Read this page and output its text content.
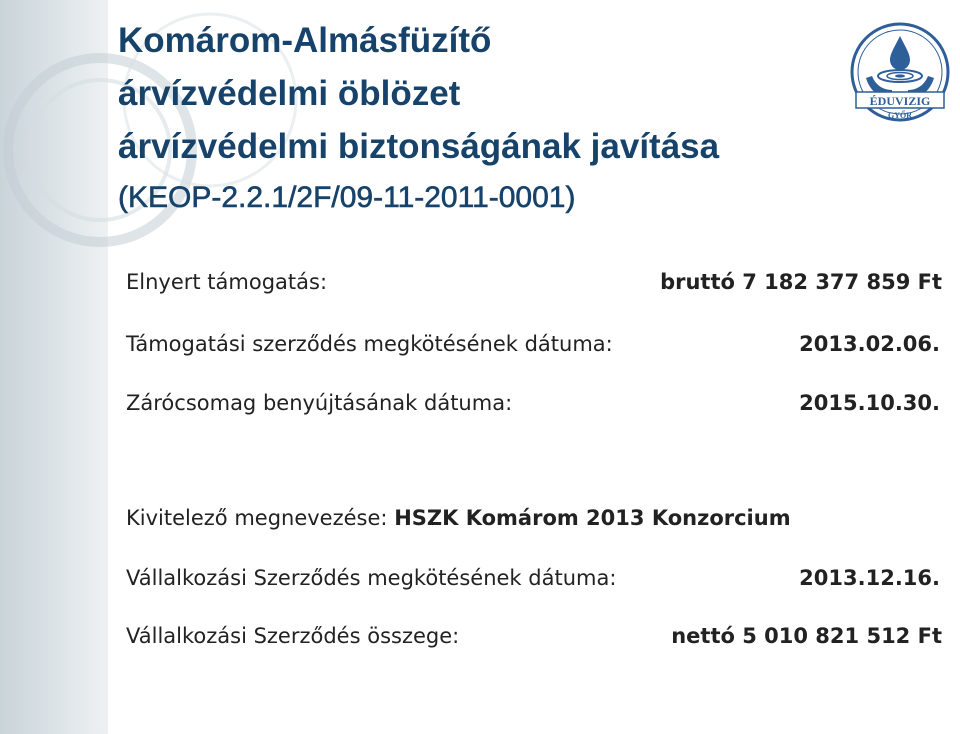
Komárom-Almásfüzítő
árvízvédelmi öblözet
árvízvédelmi biztonságának javítása
(KEOP-2.2.1/2F/09-11-2011-0001)
ÉDUVIZIG
GYŐR
Elnyert támogatás:	bruttó 7 182 377 859 Ft
Támogatási szerződés megkötésének dátuma:	2013.02.06.
Zárócsomag benyújtásának dátuma:	2015.10.30.
Kivitelező megnevezése: HSZK Komárom 2013 Konzorcium
Vállalkozási Szerződés megkötésének dátuma:	2013.12.16.
Vállalkozási Szerződés összege:	nettó 5 010 821 512 Ft
